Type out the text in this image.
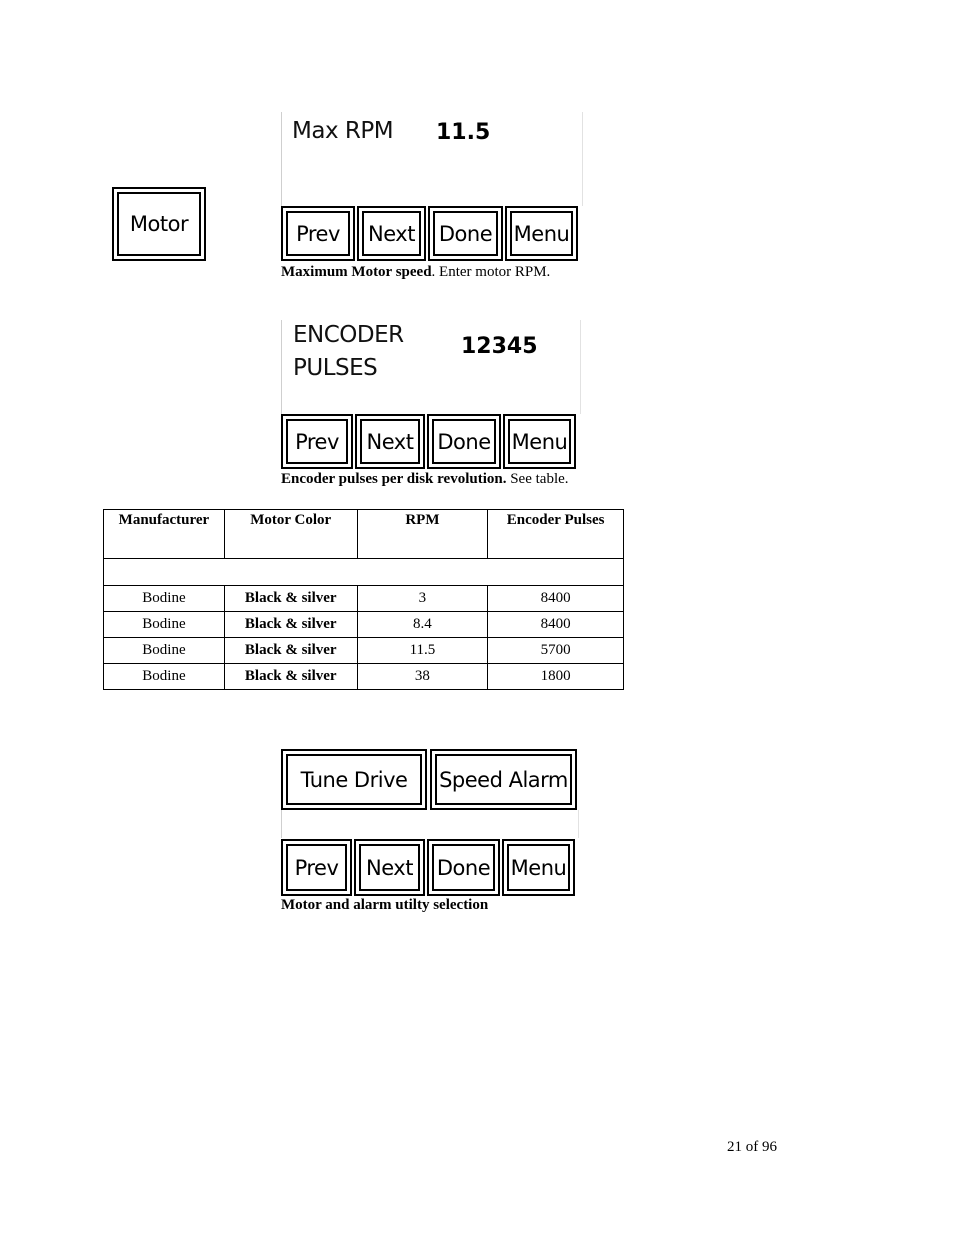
Motor
Max RPM 11.5
Prev Next Done Menu
Maximum Motor speed. Enter motor RPM.
ENCODER
PULSES
12345
Prev Next Done Menu
Encoder pulses per disk revolution. See table.
Manufacturer	Motor Color	RPM	Encoder Pulses

Bodine	Black & silver	3	8400
Bodine	Black & silver	8.4	8400
Bodine	Black & silver	11.5	5700
Bodine	Black & silver	38	1800
Tune Drive Speed Alarm
Prev Next Done Menu
Motor and alarm utilty selection
21 of 96
